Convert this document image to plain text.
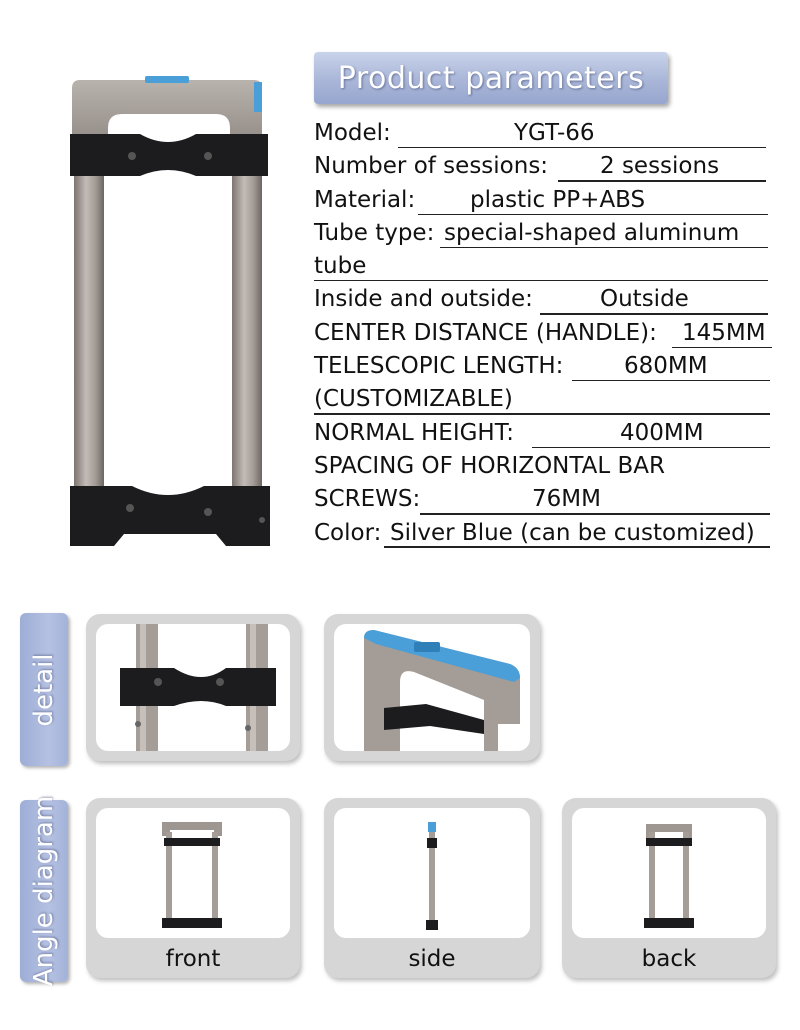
Product parameters
Model:	YGT-66
Number of sessions: 2 sessions
Material: plastic PP+ABS
Tube type: special-shaped aluminum
tube
Inside and outside:	Outside
CENTER DISTANCE (HANDLE): 145MM
TELESCOPIC LENGTH:	680MM
(CUSTOMIZABLE)
NORMAL HEIGHT:	400MM
SPACING OF HORIZONTAL BAR
SCREWS:	76MM
Color: Silver Blue (can be customized)
detail
Angle diagram	front	side	back
